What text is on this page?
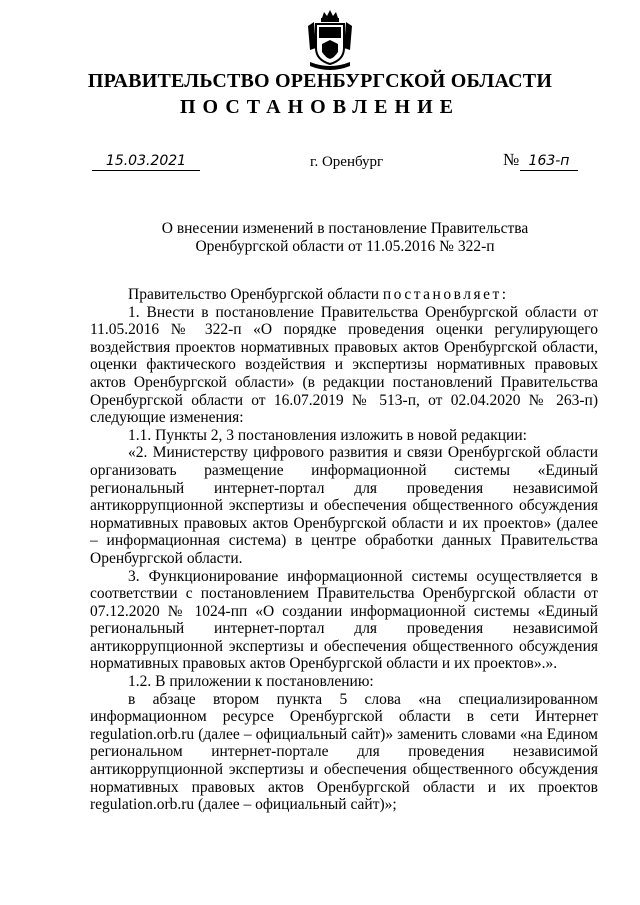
ПРАВИТЕЛЬСТВО ОРЕНБУРГСКОЙ ОБЛАСТИ
ПОСТАНОВЛЕНИЕ
15.03.2021	г. Оренбург	№ 163-п
О внесении изменений в постановление Правительства
Оренбургской области от 11.05.2016 № 322-п

Правительство Оренбургской области постановляет:

1. Внести в постановление Правительства Оренбургской области от 11.05.2016 № 322-п «О порядке проведения оценки регулирующего воздействия проектов нормативных правовых актов Оренбургской области, оценки фактического воздействия и экспертизы нормативных правовых актов Оренбургской области» (в редакции постановлений Правительства Оренбургской области от 16.07.2019 № 513-п, от 02.04.2020 № 263-п) следующие изменения:

1.1. Пункты 2, 3 постановления изложить в новой редакции:

«2. Министерству цифрового развития и связи Оренбургской области организовать размещение информационной системы «Единый региональный интернет-портал для проведения независимой антикоррупционной экспертизы и обеспечения общественного обсуждения нормативных правовых актов Оренбургской области и их проектов» (далее – информационная система) в центре обработки данных Правительства Оренбургской области.

3. Функционирование информационной системы осуществляется в соответствии с постановлением Правительства Оренбургской области от 07.12.2020 № 1024-пп «О создании информационной системы «Единый региональный интернет-портал для проведения независимой антикоррупционной экспертизы и обеспечения общественного обсуждения нормативных правовых актов Оренбургской области и их проектов».».

1.2. В приложении к постановлению:

в абзаце втором пункта 5 слова «на специализированном информационном ресурсе Оренбургской области в сети Интернет regulation.orb.ru (далее – официальный сайт)» заменить словами «на Едином региональном интернет-портале для проведения независимой антикоррупционной экспертизы и обеспечения общественного обсуждения нормативных правовых актов Оренбургской области и их проектов regulation.orb.ru (далее – официальный сайт)»;
